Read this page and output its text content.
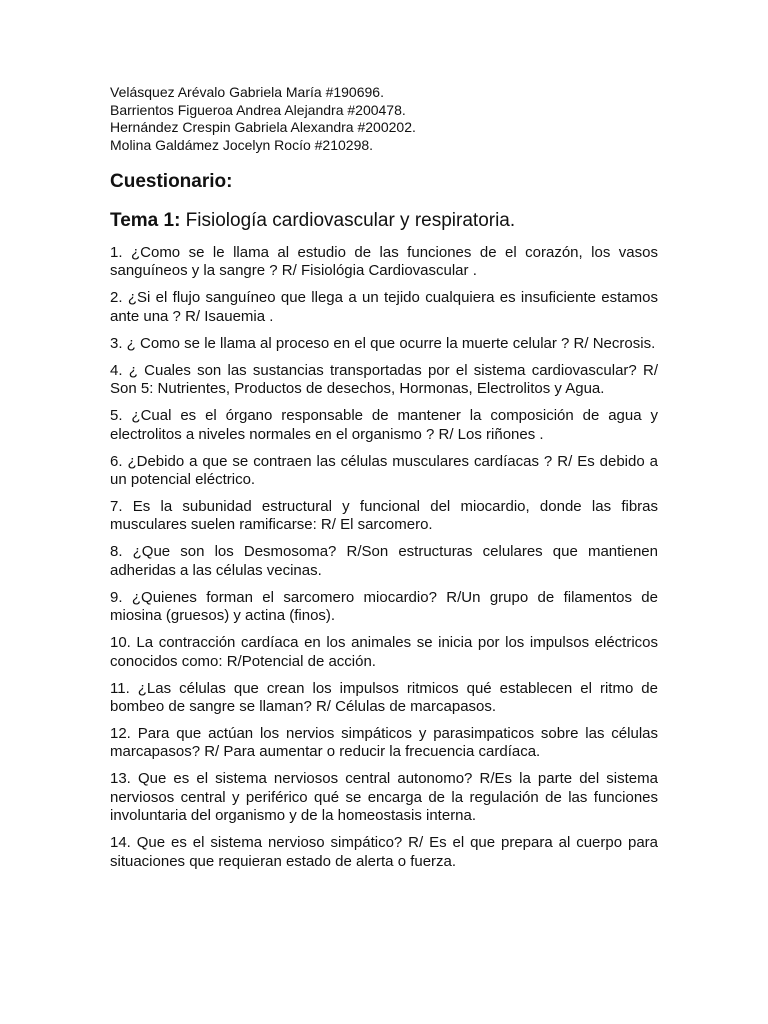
Velásquez Arévalo Gabriela María #190696.
Barrientos Figueroa Andrea Alejandra #200478.
Hernández Crespin Gabriela Alexandra #200202.
Molina Galdámez Jocelyn Rocío #210298.
Cuestionario:
Tema 1: Fisiología cardiovascular y respiratoria.

1. ¿Como se le llama al estudio de las funciones de el corazón, los vasos sanguíneos y la sangre ? R/ Fisiológia Cardiovascular .

2. ¿Si el flujo sanguíneo que llega a un tejido cualquiera es insuficiente estamos ante una ? R/ Isauemia .

3. ¿ Como se le llama al proceso en el que ocurre la muerte celular ? R/ Necrosis.

4. ¿ Cuales son las sustancias transportadas por el sistema cardiovascular? R/ Son 5: Nutrientes, Productos de desechos, Hormonas, Electrolitos y Agua.

5. ¿Cual es el órgano responsable de mantener la composición de agua y electrolitos a niveles normales en el organismo ? R/ Los riñones .

6. ¿Debido a que se contraen las células musculares cardíacas ? R/ Es debido a un potencial eléctrico.

7. Es la subunidad estructural y funcional del miocardio, donde las fibras musculares suelen ramificarse: R/ El sarcomero.

8. ¿Que son los Desmosoma? R/Son estructuras celulares que mantienen adheridas a las células vecinas.

9. ¿Quienes forman el sarcomero miocardio? R/Un grupo de filamentos de miosina (gruesos) y actina (finos).

10. La contracción cardíaca en los animales se inicia por los impulsos eléctricos conocidos como: R/Potencial de acción.

11. ¿Las células que crean los impulsos ritmicos qué establecen el ritmo de bombeo de sangre se llaman? R/ Células de marcapasos.

12. Para que actúan los nervios simpáticos y parasimpaticos sobre las células marcapasos? R/ Para aumentar o reducir la frecuencia cardíaca.

13. Que es el sistema nerviosos central autonomo? R/Es la parte del sistema nerviosos central y periférico qué se encarga de la regulación de las funciones involuntaria del organismo y de la homeostasis interna.

14. Que es el sistema nervioso simpático? R/ Es el que prepara al cuerpo para situaciones que requieran estado de alerta o fuerza.
